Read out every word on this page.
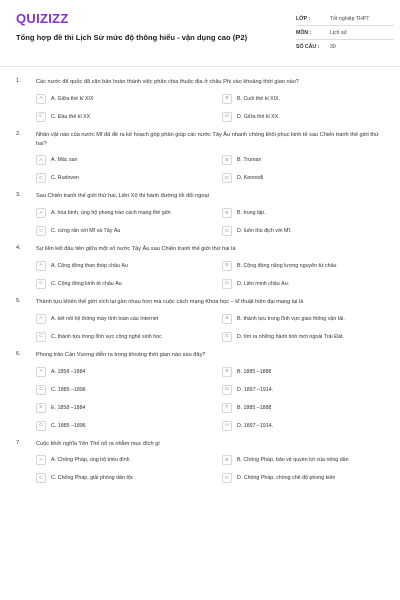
QUIZIZZ
Tổng hợp đề thi Lịch Sử mức độ thông hiểu - vận dụng cao (P2)
LỚP :	Tốt nghiệp THPT
MÔN :	Lịch sử
SỐ CÂU :	30
1.	Các nước đế quốc đã căn bản hoàn thành việc phân chia thuộc địa ở châu Phi vào khoảng thời gian nào?
A	A. Giữa thế kỉ XIX	B	B. Cuối thế kỉ XIX.
C	C. Đầu thế kỉ XX	D	D. Giữa thế kỉ XX.
2.	Nhân vật nào của nước Mĩ đã đề ra kế hoạch góp phần giúp các nước Tây Âu nhanh chóng khôi phục kinh tế sau Chiến tranh thế giới thứ hai?
A	A. Mác san	B	B. Truman
C	C. Rudoven	D	D. Kennođi
3.	Sau Chiến tranh thế giới thứ hai, Liên Xô thi hành đường lối đối ngoại
A	A. hòa bình, ủng hộ phong trào cách mạng thế giới	B	B. trung lập.
C	C. cứng rắn với Mĩ và Tây Âu	D	D. luôn thù địch với Mĩ.
4.	Sự liên kết đầu tiên giữa một số nước Tây Âu sau Chiến tranh thế giới thứ hai là
A	A. Cộng đồng than thép châu Âu	B	B. Cộng đồng năng lượng nguyên tử châu
C	C. Cộng đồng kinh tế châu Âu	D	D. Liên minh châu Âu.
5.	Thành tựu khiến thế giới xích lại gần nhau hơn mà cuộc cách mạng Khoa học – kĩ thuật hiện đại mang lại là
A	A. kết nối hệ thống máy tính toàn cầu Internet	B	B. thành tựu trong lĩnh vực giao thông vận tải.
C	C. thành tựu trong lĩnh vực công nghệ sinh học	D	D. tìm ra những hành tinh mới ngoài Trái Đất.
6.	Phong trào Cần Vương diễn ra trong khoảng thời gian nào sau đây?
A	A. 1858 –1884	B	B. 1885 –1888
C	C. 1885 –1896	D	D. 1897 –1914.
E	E. 1858 –1884	F	B. 1885 –1888
G	C. 1885 –1896	H	D. 1897 –1914.
7.	Cuộc khởi nghĩa Yên Thế nổ ra nhằm mục đích gì
A	A. Chống Pháp, ủng hộ triều đình	B	B. Chống Pháp, bảo vệ quyền lợi của nông dân
C	C. Chống Pháp, giải phóng dân tộc	D	D. Chống Pháp, chống chế độ phong kiến
